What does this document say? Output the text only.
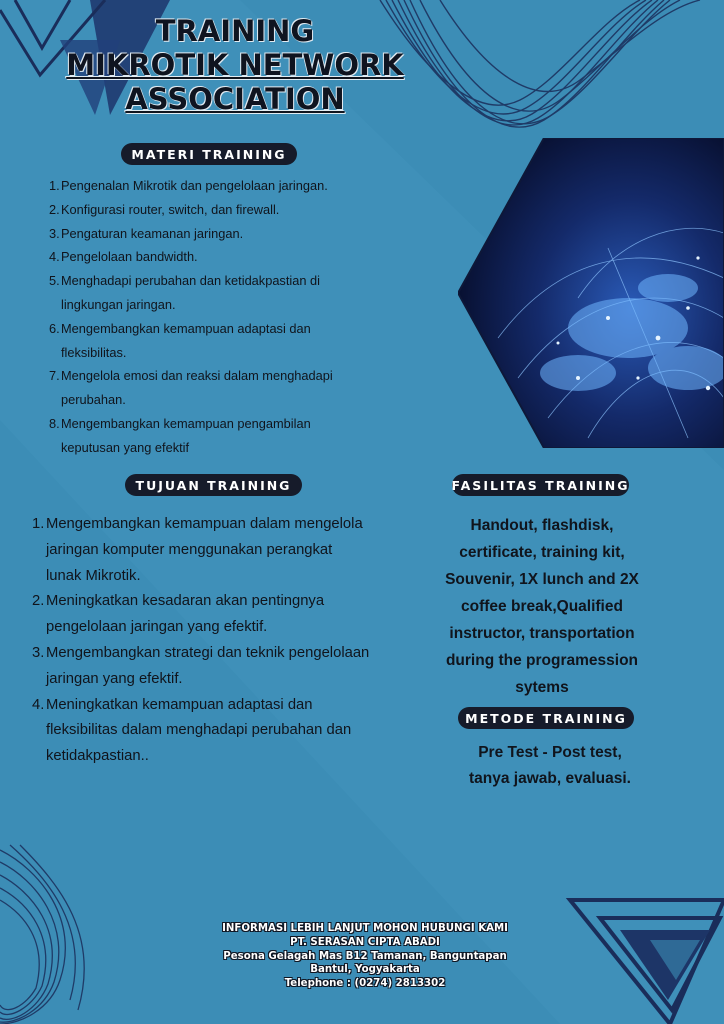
TRAINING
MIKROTIK NETWORK
ASSOCIATION
MATERI TRAINING
1. Pengenalan Mikrotik dan pengelolaan jaringan.
2. Konfigurasi router, switch, dan firewall.
3. Pengaturan keamanan jaringan.
4. Pengelolaan bandwidth.
5. Menghadapi perubahan dan ketidakpastian di
lingkungan jaringan.
6. Mengembangkan kemampuan adaptasi dan
fleksibilitas.
7. Mengelola emosi dan reaksi dalam menghadapi
perubahan.
8. Mengembangkan kemampuan pengambilan
keputusan yang efektif
TUJUAN TRAINING
1. Mengembangkan kemampuan dalam mengelola
jaringan komputer menggunakan perangkat
lunak Mikrotik.
2. Meningkatkan kesadaran akan pentingnya
pengelolaan jaringan yang efektif.
3. Mengembangkan strategi dan teknik pengelolaan
jaringan yang efektif.
4. Meningkatkan kemampuan adaptasi dan
fleksibilitas dalam menghadapi perubahan dan
ketidakpastian..
FASILITAS TRAINING

Handout, flashdisk,
certificate, training kit,
Souvenir, 1X lunch and 2X
coffee break,Qualified
instructor, transportation
during the programession
sytems

METODE TRAINING

Pre Test - Post test,
tanya jawab, evaluasi.

INFORMASI LEBIH LANJUT MOHON HUBUNGI KAMI
PT. SERASAN CIPTA ABADI
Pesona Gelagah Mas B12 Tamanan, Banguntapan
Bantul, Yogyakarta
Telephone : (0274) 2813302
